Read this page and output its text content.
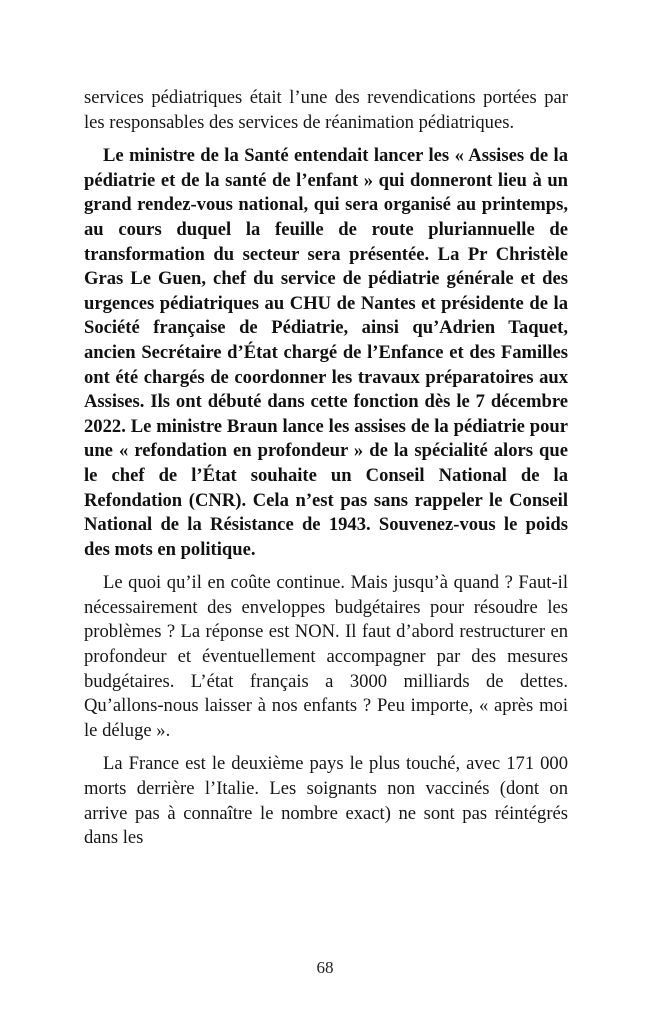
services pédiatriques était l’une des revendications portées par les responsables des services de réanimation pédiatriques.

Le ministre de la Santé entendait lancer les « Assises de la pédiatrie et de la santé de l’enfant » qui donneront lieu à un grand rendez-vous national, qui sera organisé au printemps, au cours duquel la feuille de route pluriannuelle de transformation du secteur sera présentée. La Pr Christèle Gras Le Guen, chef du service de pédiatrie générale et des urgences pédiatriques au CHU de Nantes et présidente de la Société française de Pédiatrie, ainsi qu’Adrien Taquet, ancien Secrétaire d’État chargé de l’Enfance et des Familles ont été chargés de coordonner les travaux préparatoires aux Assises. Ils ont débuté dans cette fonction dès le 7 décembre 2022. Le ministre Braun lance les assises de la pédiatrie pour une « refondation en profondeur » de la spécialité alors que le chef de l’État souhaite un Conseil National de la Refondation (CNR). Cela n’est pas sans rappeler le Conseil National de la Résistance de 1943. Souvenez-vous le poids des mots en politique.

Le quoi qu’il en coûte continue. Mais jusqu’à quand ? Faut-il nécessairement des enveloppes budgétaires pour résoudre les problèmes ? La réponse est NON. Il faut d’abord restructurer en profondeur et éventuellement accompagner par des mesures budgétaires. L’état français a 3000 milliards de dettes. Qu’allons-nous laisser à nos enfants ? Peu importe, « après moi le déluge ».

La France est le deuxième pays le plus touché, avec 171 000 morts derrière l’Italie. Les soignants non vaccinés (dont on arrive pas à connaître le nombre exact) ne sont pas réintégrés dans les

68
